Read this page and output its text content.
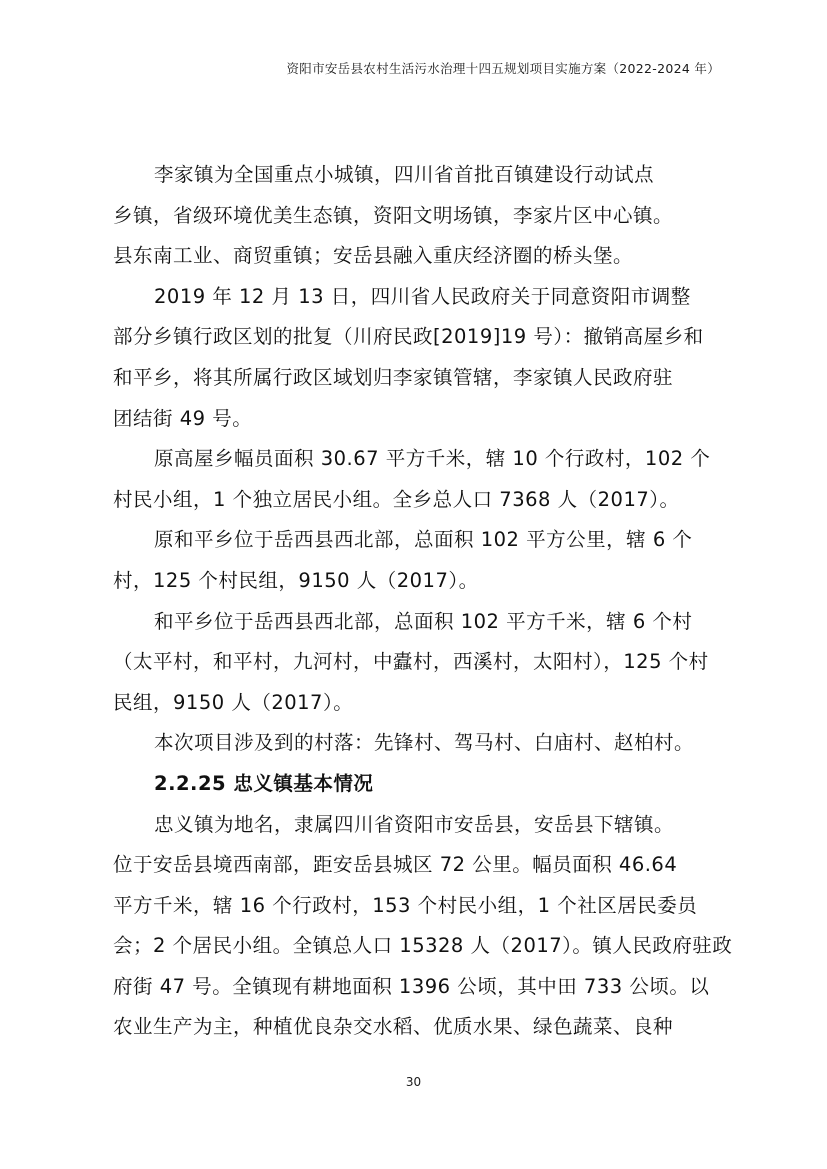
资阳市安岳县农村生活污水治理十四五规划项目实施方案（2022-2024 年）
李家镇为全国重点小城镇，四川省首批百镇建设行动试点
乡镇，省级环境优美生态镇，资阳文明场镇，李家片区中心镇。
县东南工业、商贸重镇；安岳县融入重庆经济圈的桥头堡。
2019 年 12 月 13 日，四川省人民政府关于同意资阳市调整
部分乡镇行政区划的批复（川府民政[2019]19 号）：撤销高屋乡和
和平乡，将其所属行政区域划归李家镇管辖，李家镇人民政府驻
团结街 49 号。
原高屋乡幅员面积 30.67 平方千米，辖 10 个行政村，102 个
村民小组，1 个独立居民小组。全乡总人口 7368 人（2017）。
原和平乡位于岳西县西北部，总面积 102 平方公里，辖 6 个
村，125 个村民组，9150 人（2017）。
和平乡位于岳西县西北部，总面积 102 平方千米，辖 6 个村
（太平村，和平村，九河村，中蠹村，西溪村，太阳村），125 个村
民组，9150 人（2017）。
本次项目涉及到的村落：先锋村、驾马村、白庙村、赵柏村。
2.2.25 忠义镇基本情况
忠义镇为地名，隶属四川省资阳市安岳县，安岳县下辖镇。
位于安岳县境西南部，距安岳县城区 72 公里。幅员面积 46.64
平方千米，辖 16 个行政村，153 个村民小组，1 个社区居民委员
会；2 个居民小组。全镇总人口 15328 人（2017）。镇人民政府驻政
府街 47 号。全镇现有耕地面积 1396 公顷，其中田 733 公顷。以
农业生产为主，种植优良杂交水稻、优质水果、绿色蔬菜、良种
30
